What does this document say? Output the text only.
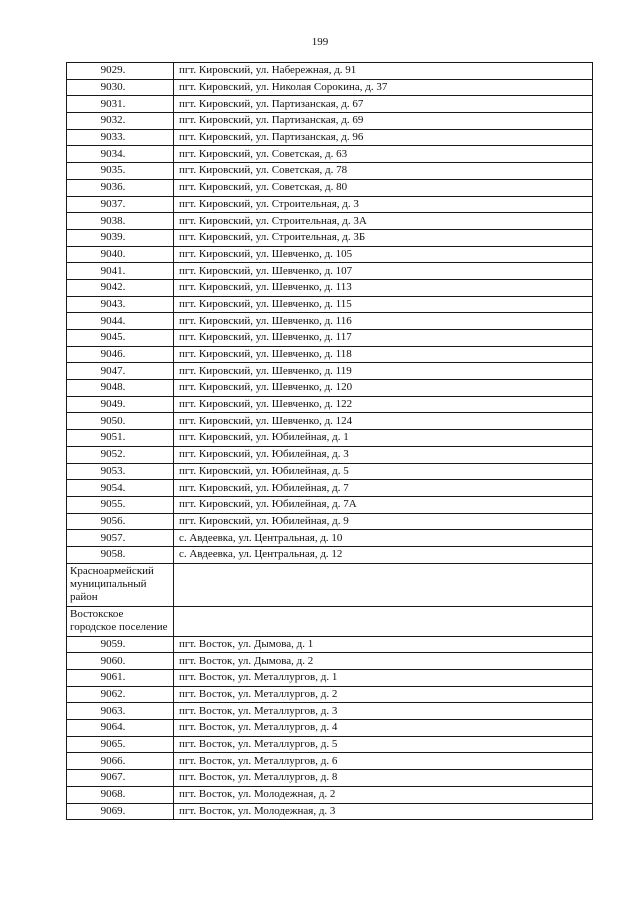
199
9029.	пгт. Кировский, ул. Набережная, д. 91
9030.	пгт. Кировский, ул. Николая Сорокина, д. 37
9031.	пгт. Кировский, ул. Партизанская, д. 67
9032.	пгт. Кировский, ул. Партизанская, д. 69
9033.	пгт. Кировский, ул. Партизанская, д. 96
9034.	пгт. Кировский, ул. Советская, д. 63
9035.	пгт. Кировский, ул. Советская, д. 78
9036.	пгт. Кировский, ул. Советская, д. 80
9037.	пгт. Кировский, ул. Строительная, д. 3
9038.	пгт. Кировский, ул. Строительная, д. 3А
9039.	пгт. Кировский, ул. Строительная, д. 3Б
9040.	пгт. Кировский, ул. Шевченко, д. 105
9041.	пгт. Кировский, ул. Шевченко, д. 107
9042.	пгт. Кировский, ул. Шевченко, д. 113
9043.	пгт. Кировский, ул. Шевченко, д. 115
9044.	пгт. Кировский, ул. Шевченко, д. 116
9045.	пгт. Кировский, ул. Шевченко, д. 117
9046.	пгт. Кировский, ул. Шевченко, д. 118
9047.	пгт. Кировский, ул. Шевченко, д. 119
9048.	пгт. Кировский, ул. Шевченко, д. 120
9049.	пгт. Кировский, ул. Шевченко, д. 122
9050.	пгт. Кировский, ул. Шевченко, д. 124
9051.	пгт. Кировский, ул. Юбилейная, д. 1
9052.	пгт. Кировский, ул. Юбилейная, д. 3
9053.	пгт. Кировский, ул. Юбилейная, д. 5
9054.	пгт. Кировский, ул. Юбилейная, д. 7
9055.	пгт. Кировский, ул. Юбилейная, д. 7А
9056.	пгт. Кировский, ул. Юбилейная, д. 9
9057.	с. Авдеевка, ул. Центральная, д. 10
9058.	с. Авдеевка, ул. Центральная, д. 12
Красноармейский муниципальный район	
Востокское городское поселение	
9059.	пгт. Восток, ул. Дымова, д. 1
9060.	пгт. Восток, ул. Дымова, д. 2
9061.	пгт. Восток, ул. Металлургов, д. 1
9062.	пгт. Восток, ул. Металлургов, д. 2
9063.	пгт. Восток, ул. Металлургов, д. 3
9064.	пгт. Восток, ул. Металлургов, д. 4
9065.	пгт. Восток, ул. Металлургов, д. 5
9066.	пгт. Восток, ул. Металлургов, д. 6
9067.	пгт. Восток, ул. Металлургов, д. 8
9068.	пгт. Восток, ул. Молодежная, д. 2
9069.	пгт. Восток, ул. Молодежная, д. 3
